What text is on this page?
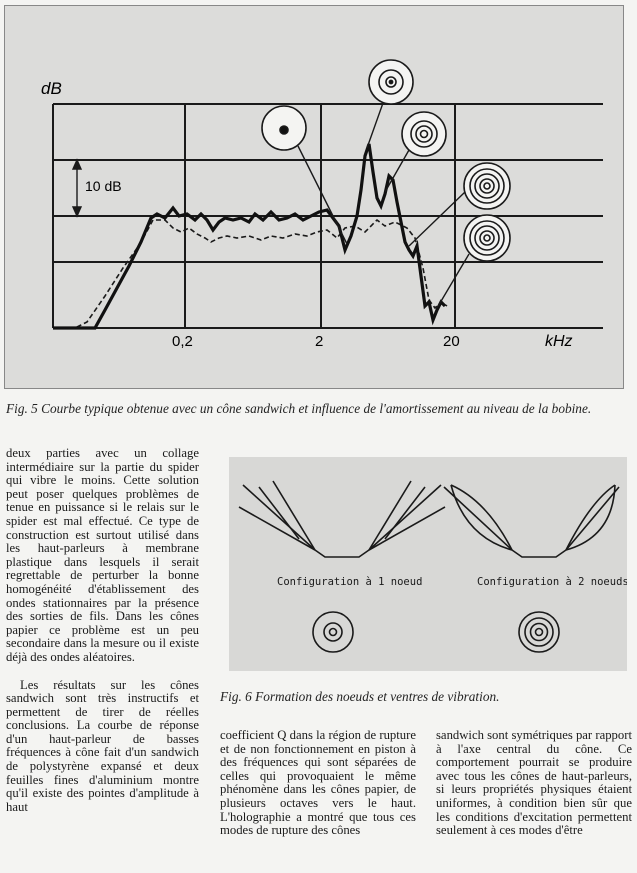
dB
10 dB
0,2	2	20	kHz
Fig. 5 Courbe typique obtenue avec un cône sandwich et influence de l'amortissement au niveau de la bobine.

deux parties avec un collage intermédiaire sur la partie du spider qui vibre le moins. Cette solution peut poser quelques problèmes de tenue en puissance si le relais sur le spider est mal effectué. Ce type de construction est surtout utilisé dans les haut-parleurs à membrane plastique dans lesquels il serait regrettable de perturber la bonne homogénéité d'établissement des ondes stationnaires par la présence des sorties de fils. Dans les cônes papier ce problème est un peu secondaire dans la mesure ou il existe déjà des ondes aléatoires.

Les résultats sur les cônes sandwich sont très instructifs et permettent de tirer de réelles conclusions. La courbe de réponse d'un haut-parleur de basses fréquences à cône fait d'un sandwich de polystyrène expansé et deux feuilles fines d'aluminium montre qu'il existe des pointes d'amplitude à haut

Configuration à 1 noeud	Configuration à 2 noeuds
Fig. 6 Formation des noeuds et ventres de vibration.

coefficient Q dans la région de rupture et de non fonctionnement en piston à des fréquences qui sont séparées de celles qui provoquaient le même phénomène dans les cônes papier, de plusieurs octaves vers le haut. L'holographie a montré que tous ces modes de rupture des cônes

sandwich sont symétriques par rapport à l'axe central du cône. Ce comportement pourrait se produire avec tous les cônes de haut-parleurs, si leurs propriétés physiques étaient uniformes, à condition bien sûr que les conditions d'excitation permettent seulement à ces modes d'être
